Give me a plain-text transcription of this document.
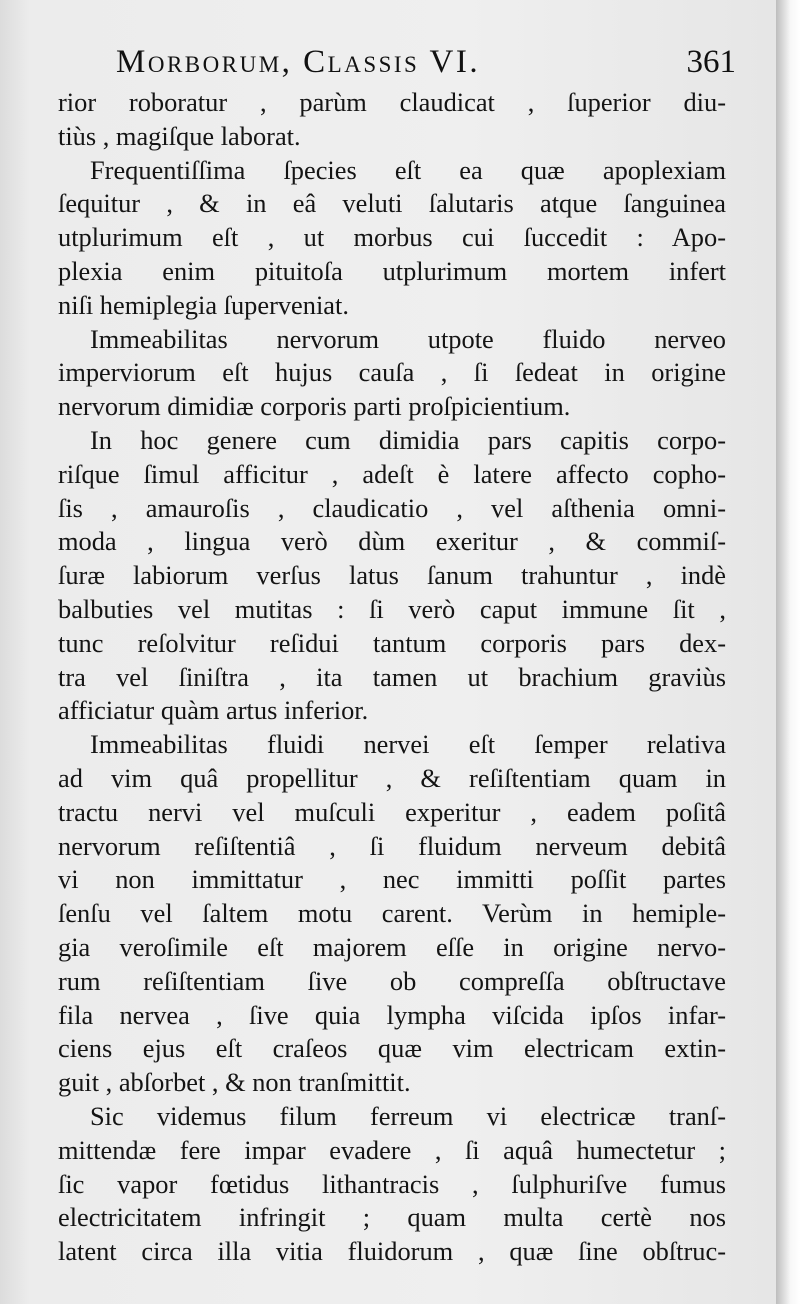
Morborum, Classis VI.	361
rior roboratur , parùm claudicat , ſuperior diu-
tiùs , magiſque laborat.
Frequentiſſima ſpecies eſt ea quæ apoplexiam
ſequitur , & in eâ veluti ſalutaris atque ſanguinea
utplurimum eſt , ut morbus cui ſuccedit : Apo-
plexia enim pituitoſa utplurimum mortem infert
niſi hemiplegia ſuperveniat.
Immeabilitas nervorum utpote fluido nerveo
imperviorum eſt hujus cauſa , ſi ſedeat in origine
nervorum dimidiæ corporis parti proſpicientium.
In hoc genere cum dimidia pars capitis corpo-
riſque ſimul afficitur , adeſt è latere affecto copho-
ſis , amauroſis , claudicatio , vel aſthenia omni-
moda , lingua verò dùm exeritur , & commiſ-
ſuræ labiorum verſus latus ſanum trahuntur , indè
balbuties vel mutitas : ſi verò caput immune ſit ,
tunc reſolvitur reſidui tantum corporis pars dex-
tra vel ſiniſtra , ita tamen ut brachium graviùs
afficiatur quàm artus inferior.
Immeabilitas fluidi nervei eſt ſemper relativa
ad vim quâ propellitur , & reſiſtentiam quam in
tractu nervi vel muſculi experitur , eadem poſitâ
nervorum reſiſtentiâ , ſi fluidum nerveum debitâ
vi non immittatur , nec immitti poſſit partes
ſenſu vel ſaltem motu carent. Verùm in hemiple-
gia veroſimile eſt majorem eſſe in origine nervo-
rum reſiſtentiam ſive ob compreſſa obſtructave
fila nervea , ſive quia lympha viſcida ipſos infar-
ciens ejus eſt craſeos quæ vim electricam extin-
guit , abſorbet , & non tranſmittit.
Sic videmus filum ferreum vi electricæ tranſ-
mittendæ fere impar evadere , ſi aquâ humectetur ;
ſic vapor fœtidus lithantracis , ſulphuriſve fumus
electricitatem infringit ; quam multa certè nos
latent circa illa vitia fluidorum , quæ ſine obſtruc-
